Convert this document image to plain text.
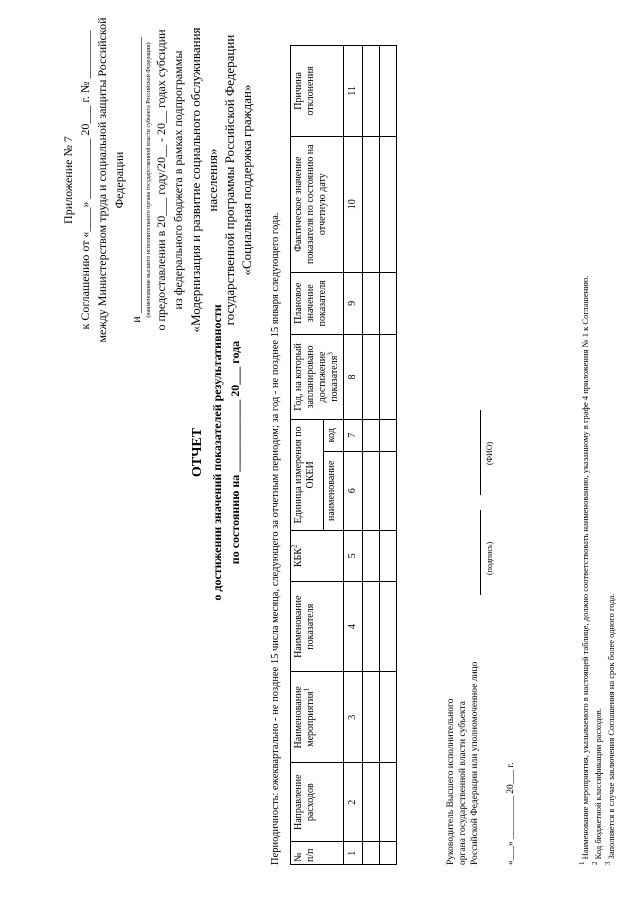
Приложение № 7 к Соглашению от «____» __________ 20___ г. № ________ между Министерством труда и социальной защиты Российской Федерации и ______________________________________________ (наименование высшего исполнительного органа государственной власти субъекта Российской Федерации) о предоставлении в 20___ году/20__ - 20__ годах субсидии из федерального бюджета в рамках подпрограммы «Модернизация и развитие социального обслуживания населения» государственной программы Российской Федерации «Социальная поддержка граждан»
ОТЧЕТ о достижении значений показателей результативности по состоянию на ____________ 20___ года	Периодичность: ежеквартально - не позднее 15 числа месяца, следующего за отчетным периодом; за год - не позднее 15 января следующего года. № п/п	Направление расходов	Наименование мероприятия$^1$	Наименование показателя	КБК$^2$	Единица измерения по ОКЕИ		Год, на который запланировано достижение показателя$^3$	Плановое значение показателя	Фактическое значение показателя по состоянию на отчетную дату	Причина отклонения
					наименование	код				
1	2	3	4	5	6	7	8	9	10	11

Руководитель Высшего исполнительного органа государственной власти субъекта Российской Федерации или уполномоченное лицо
(подпись)
(ФИО)
«___» _________ 20___ г.	$^1$ Наименование мероприятия, указываемого в настоящей таблице, должно соответствовать наименованию, указанному в графе 4 приложения № 1 к Соглашению.
$^2$ Код бюджетной классификации расходов.
$^3$ Заполняется в случае заключения Соглашения на срок более одного года.
